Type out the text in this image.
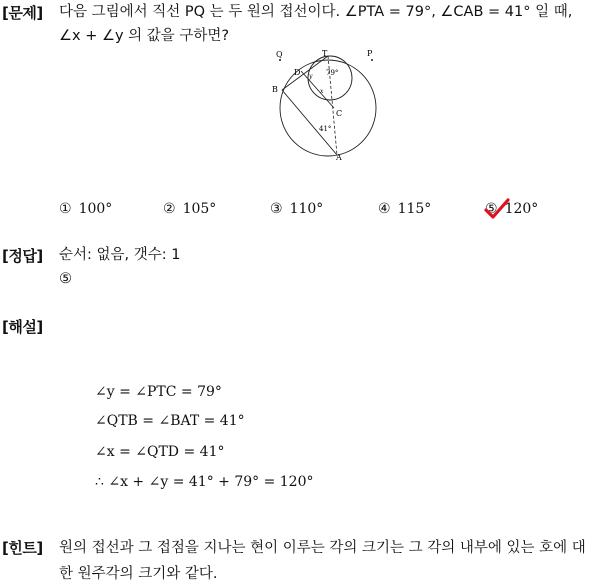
[문제] 다음 그림에서 직선 PQ 는 두 원의 접선이다. ∠PTA = 79°, ∠CAB = 41° 일 때,
∠x + ∠y 의 값을 구하면?
Q	T	P
D
B
C
A
y
x
79°
41°
① 100°	② 105°	③ 110°	④ 115°	⑤ 120°
[정답] 순서: 없음, 갯수: 1
⑤
[해설]
∠y = ∠PTC = 79°
∠QTB = ∠BAT = 41°
∠x = ∠QTD = 41°
∴ ∠x + ∠y = 41° + 79° = 120°
[힌트] 원의 접선과 그 접점을 지나는 현이 이루는 각의 크기는 그 각의 내부에 있는 호에 대한 원주각의 크기와 같다.
